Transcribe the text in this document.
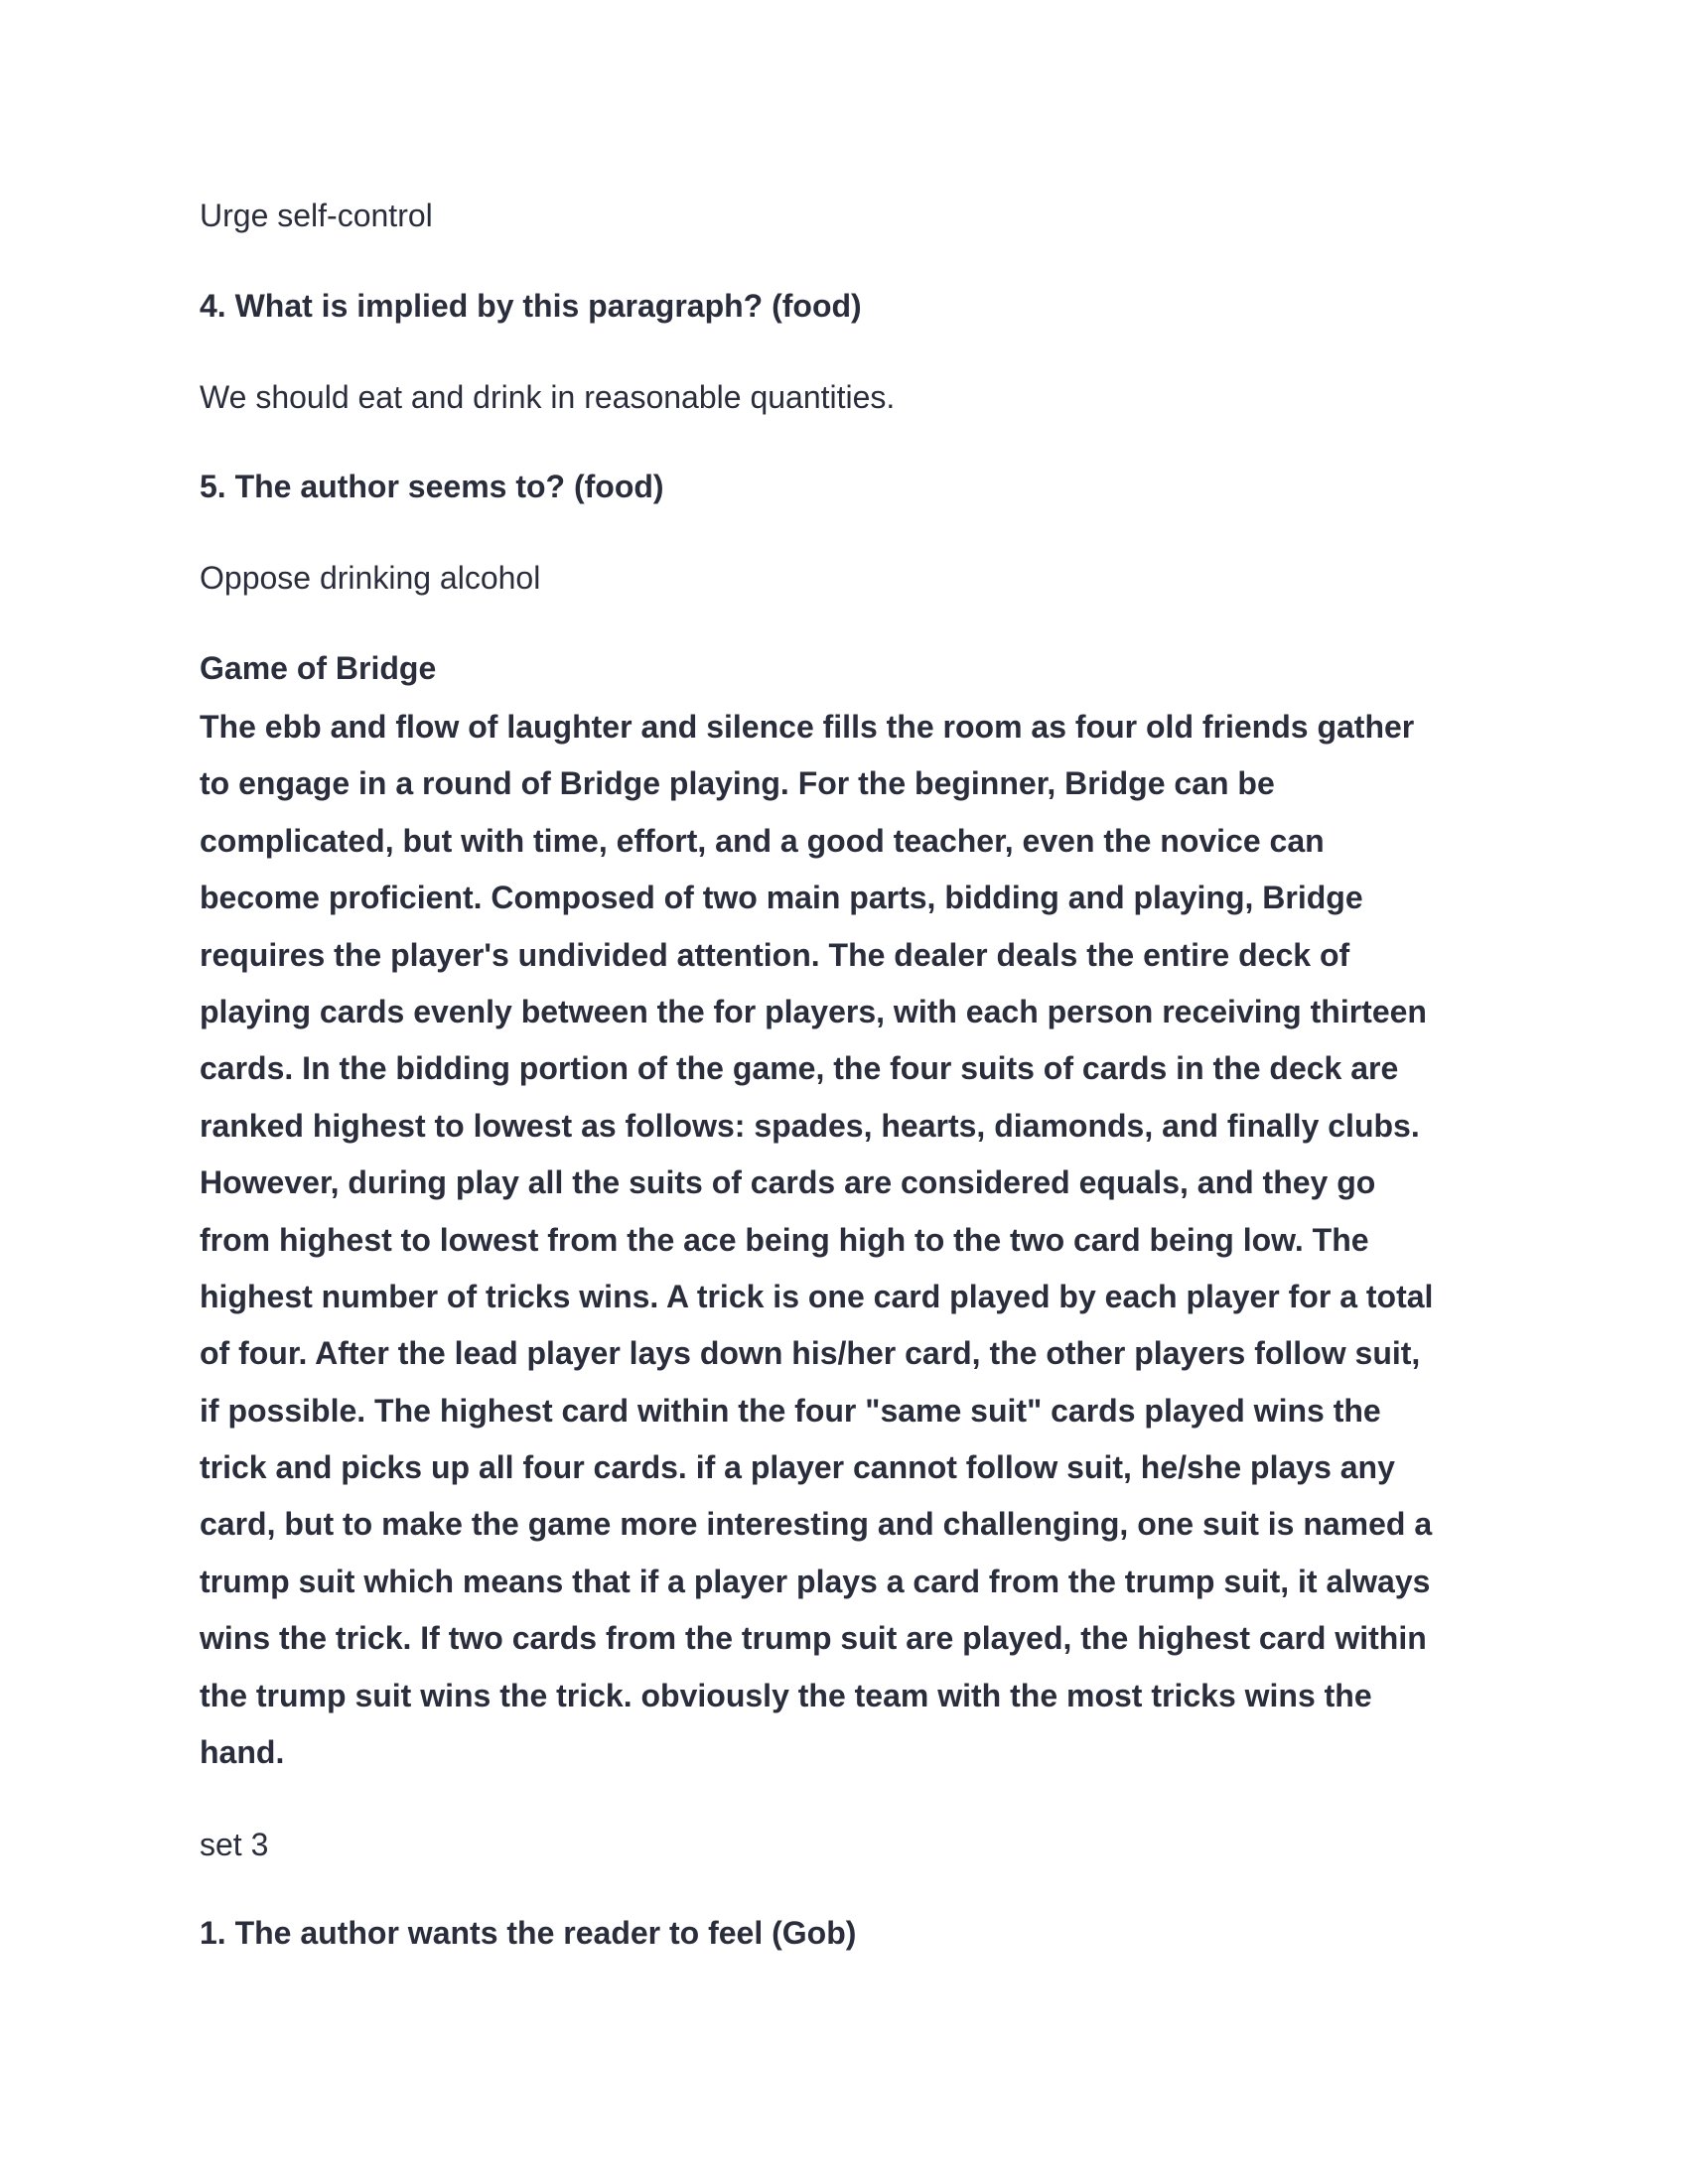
Urge self-control
4. What is implied by this paragraph? (food)
We should eat and drink in reasonable quantities.
5. The author seems to? (food)
Oppose drinking alcohol
Game of Bridge
The ebb and flow of laughter and silence fills the room as four old friends gather
to engage in a round of Bridge playing. For the beginner, Bridge can be
complicated, but with time, effort, and a good teacher, even the novice can
become proficient. Composed of two main parts, bidding and playing, Bridge
requires the player's undivided attention. The dealer deals the entire deck of
playing cards evenly between the for players, with each person receiving thirteen
cards. In the bidding portion of the game, the four suits of cards in the deck are
ranked highest to lowest as follows: spades, hearts, diamonds, and finally clubs.
However, during play all the suits of cards are considered equals, and they go
from highest to lowest from the ace being high to the two card being low. The
highest number of tricks wins. A trick is one card played by each player for a total
of four. After the lead player lays down his/her card, the other players follow suit,
if possible. The highest card within the four "same suit" cards played wins the
trick and picks up all four cards. if a player cannot follow suit, he/she plays any
card, but to make the game more interesting and challenging, one suit is named a
trump suit which means that if a player plays a card from the trump suit, it always
wins the trick. If two cards from the trump suit are played, the highest card within
the trump suit wins the trick. obviously the team with the most tricks wins the
hand.
set 3
1. The author wants the reader to feel (Gob)
